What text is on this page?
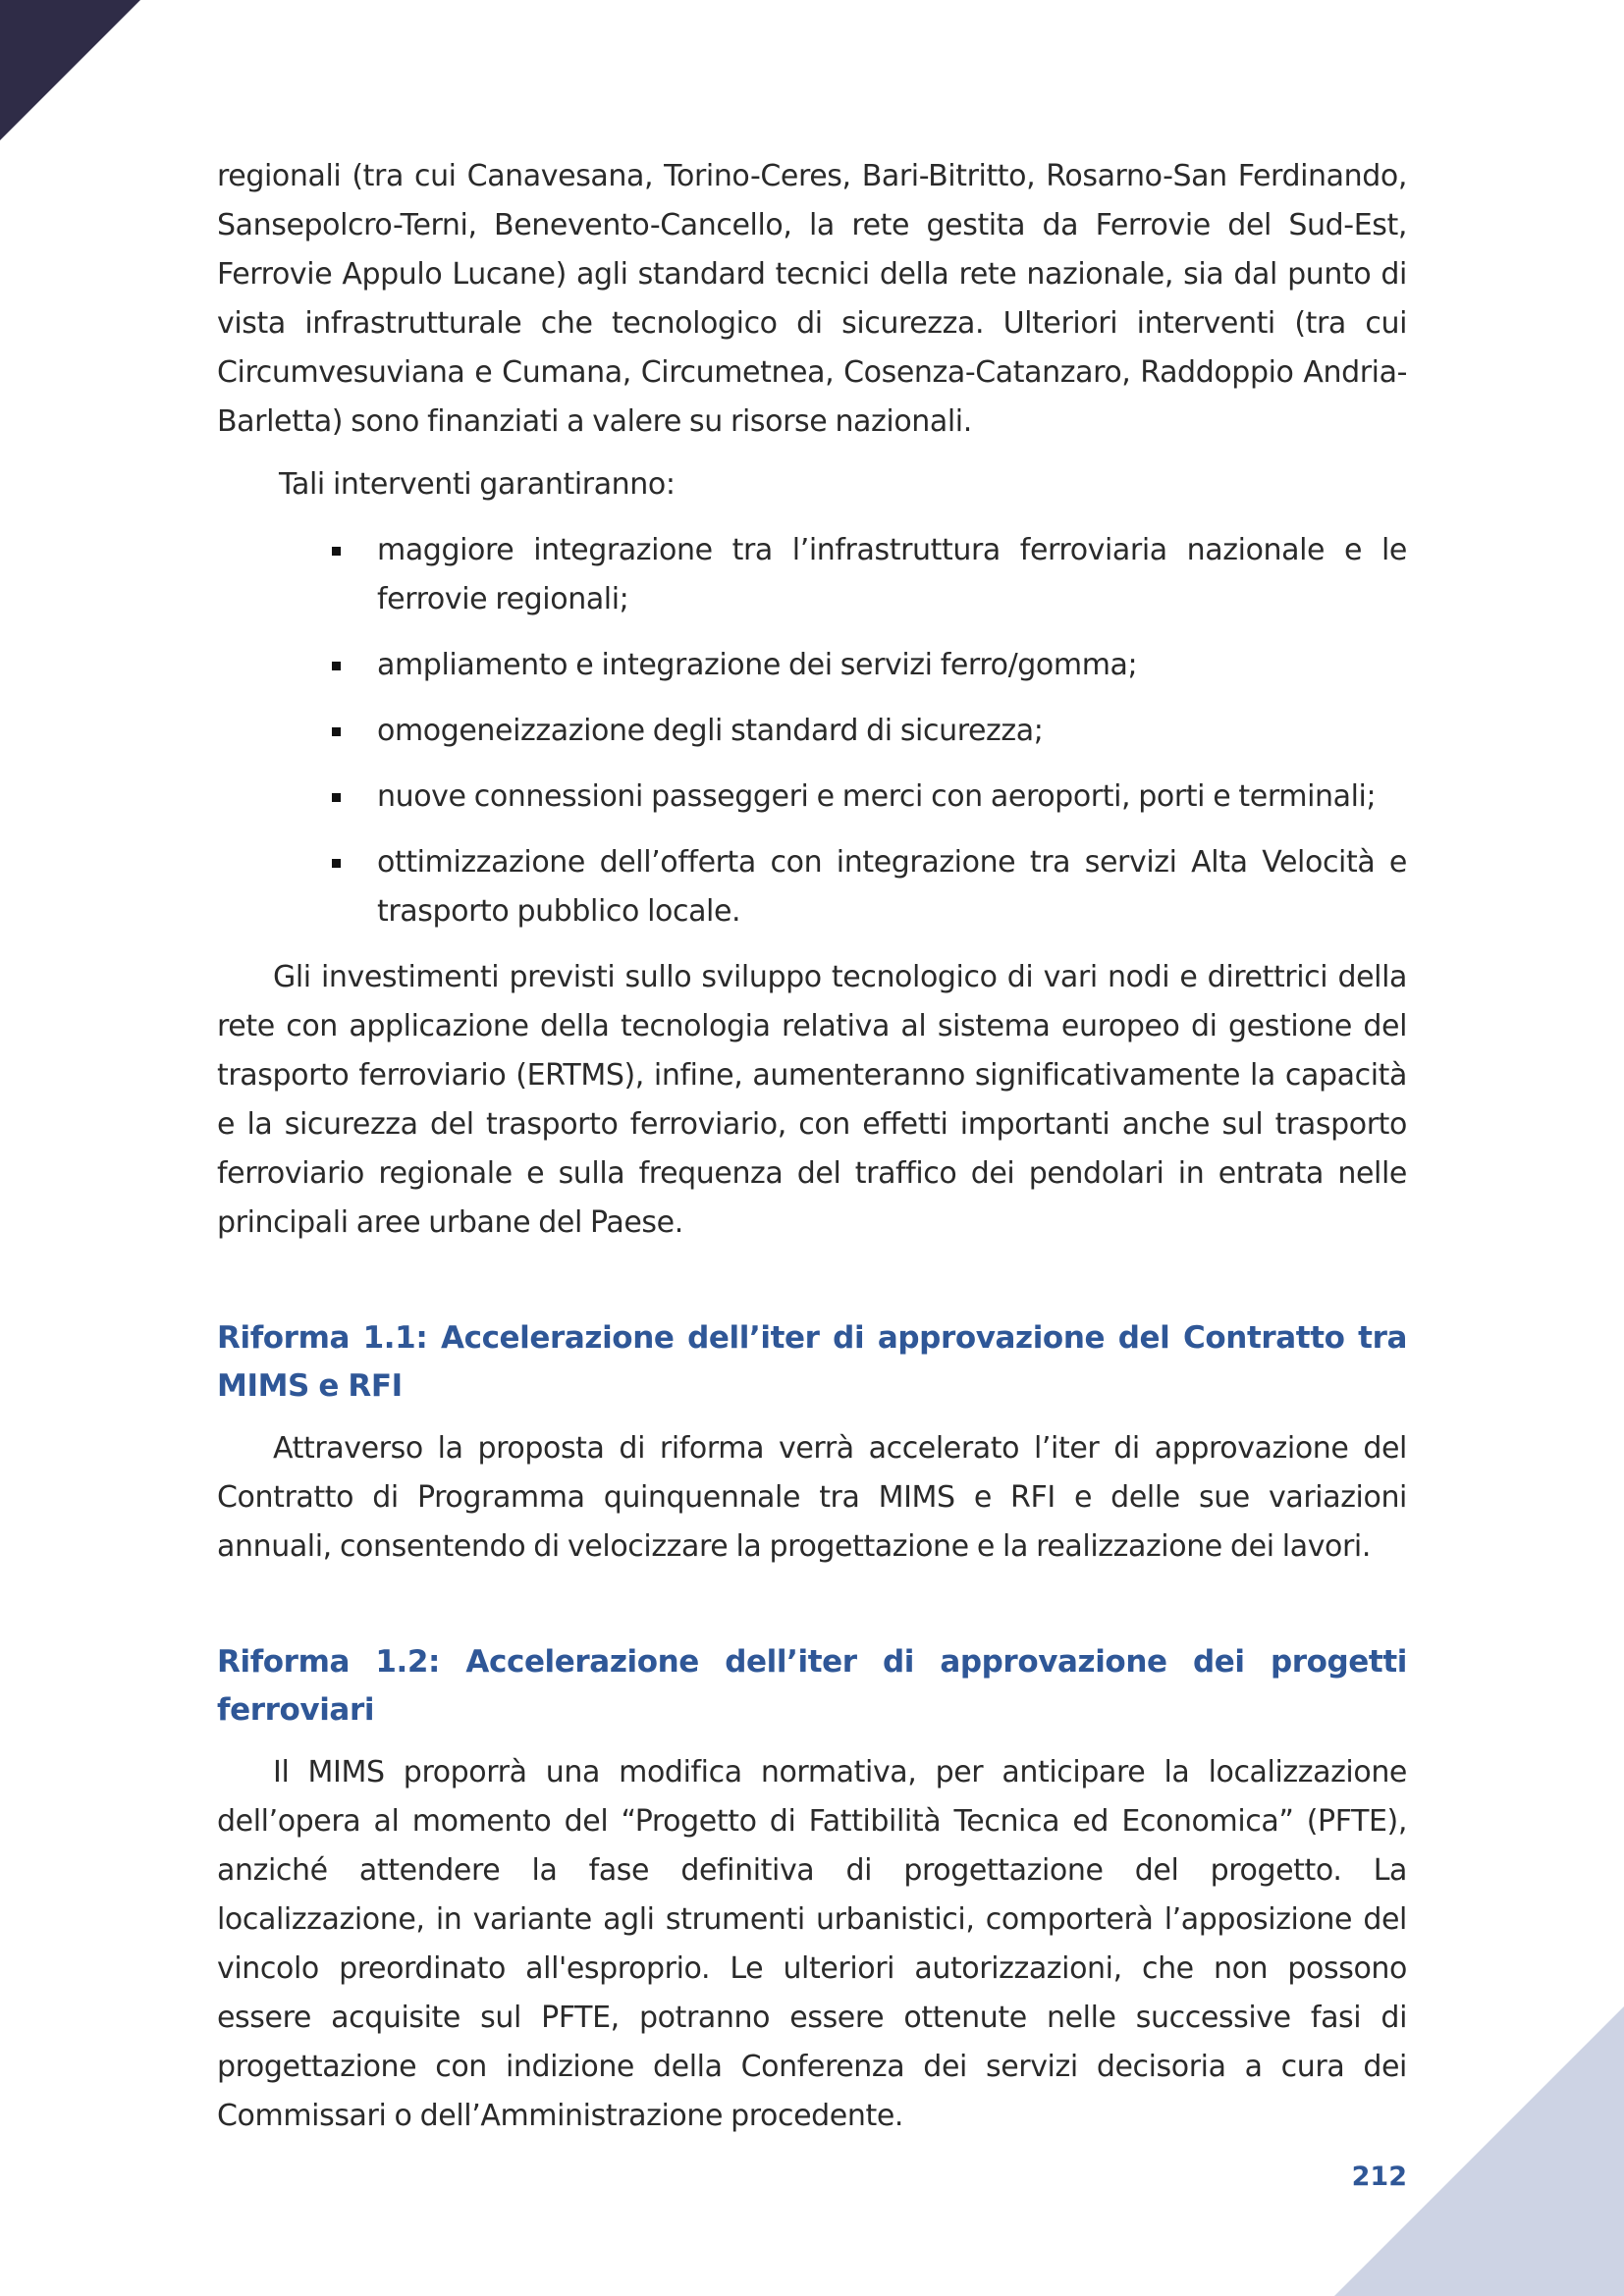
regionali (tra cui Canavesana, Torino-Ceres, Bari-Bitritto, Rosarno-San Ferdinando, Sansepolcro-Terni, Benevento-Cancello, la rete gestita da Ferrovie del Sud-Est, Ferrovie Appulo Lucane) agli standard tecnici della rete nazionale, sia dal punto di vista infrastrutturale che tecnologico di sicurezza. Ulteriori interventi (tra cui Circumvesuviana e Cumana, Circumetnea, Cosenza-Catanzaro, Raddoppio Andria-Barletta) sono finanziati a valere su risorse nazionali.

Tali interventi garantiranno:

maggiore integrazione tra l’infrastruttura ferroviaria nazionale e le ferrovie regionali;
ampliamento e integrazione dei servizi ferro/gomma;
omogeneizzazione degli standard di sicurezza;
nuove connessioni passeggeri e merci con aeroporti, porti e terminali;
ottimizzazione dell’offerta con integrazione tra servizi Alta Velocità e trasporto pubblico locale.

Gli investimenti previsti sullo sviluppo tecnologico di vari nodi e direttrici della rete con applicazione della tecnologia relativa al sistema europeo di gestione del trasporto ferroviario (ERTMS), infine, aumenteranno significativamente la capacità e la sicurezza del trasporto ferroviario, con effetti importanti anche sul trasporto ferroviario regionale e sulla frequenza del traffico dei pendolari in entrata nelle principali aree urbane del Paese.

Riforma 1.1: Accelerazione dell’iter di approvazione del Contratto tra MIMS e RFI

Attraverso la proposta di riforma verrà accelerato l’iter di approvazione del Contratto di Programma quinquennale tra MIMS e RFI e delle sue variazioni annuali, consentendo di velocizzare la progettazione e la realizzazione dei lavori.

Riforma 1.2: Accelerazione dell’iter di approvazione dei progetti ferroviari

Il MIMS proporrà una modifica normativa, per anticipare la localizzazione dell’opera al momento del “Progetto di Fattibilità Tecnica ed Economica” (PFTE), anziché attendere la fase definitiva di progettazione del progetto. La localizzazione, in variante agli strumenti urbanistici, comporterà l’apposizione del vincolo preordinato all'esproprio. Le ulteriori autorizzazioni, che non possono essere acquisite sul PFTE, potranno essere ottenute nelle successive fasi di progettazione con indizione della Conferenza dei servizi decisoria a cura dei Commissari o dell’Amministrazione procedente.

212
